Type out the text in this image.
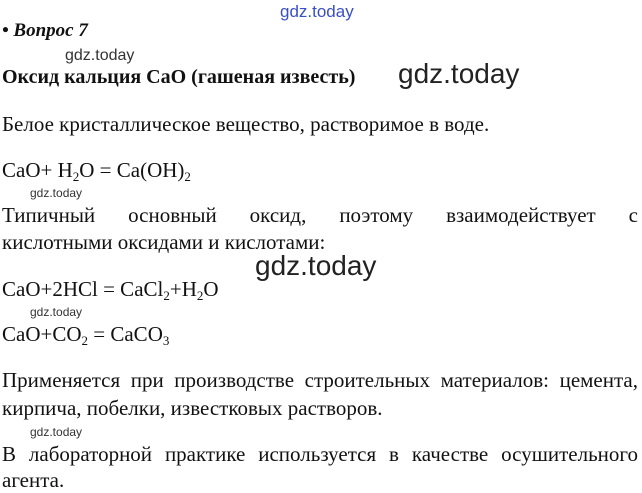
gdz.today
• Вопрос 7
gdz.today
Оксид кальция CaO (гашеная известь) gdz.today
Белое кристаллическое вещество, растворимое в воде.
$CaO+ H_2O = Ca(OH)_2$
gdz.today
Типичный основный оксид, поэтому взаимодействует с
кислотными оксидами и кислотами:
gdz.today
$CaO+2HCl = CaCl_2+H_2O$
gdz.today
$CaO+CO_2$ = CaCO$_3$
Применяется при производстве строительных материалов: цемента,
кирпича, побелки, известковых растворов.
gdz.today
В лабораторной практике используется в качестве осушительного
агента.
